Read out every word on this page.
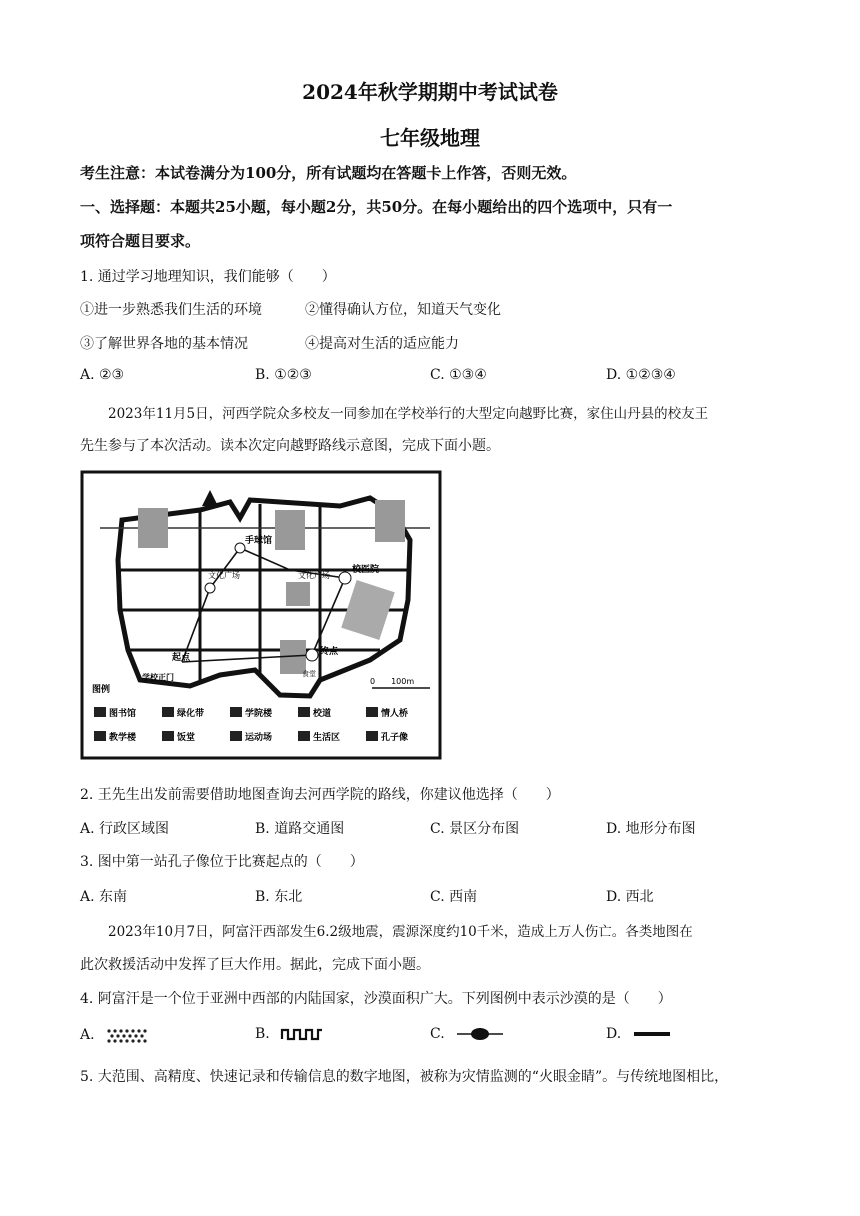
2024年秋学期期中考试试卷
七年级地理
考生注意：本试卷满分为100分，所有试题均在答题卡上作答，否则无效。
一、选择题：本题共25小题，每小题2分，共50分。在每小题给出的四个选项中，只有一
项符合题目要求。
1. 通过学习地理知识，我们能够（　　）
①进一步熟悉我们生活的环境	②懂得确认方位，知道天气变化
③了解世界各地的基本情况	④提高对生活的适应能力
A. ②③	B. ①②③	C. ①③④	D. ①②③④
2023年11月5日，河西学院众多校友一同参加在学校举行的大型定向越野比赛，家住山丹县的校友王
先生参与了本次活动。读本次定向越野路线示意图，完成下面小题。
手球馆
文化广场	文化广场
校医院
起点
学校正门
终点
食堂
0　　100m
图例
图书馆	绿化带	学院楼	校道	情人桥
教学楼	饭堂	运动场	生活区	孔子像
2. 王先生出发前需要借助地图查询去河西学院的路线，你建议他选择（　　）
A. 行政区域图	B. 道路交通图	C. 景区分布图	D. 地形分布图
3. 图中第一站孔子像位于比赛起点的（　　）
A. 东南	B. 东北	C. 西南	D. 西北
2023年10月7日，阿富汗西部发生6.2级地震，震源深度约10千米，造成上万人伤亡。各类地图在
此次救援活动中发挥了巨大作用。据此，完成下面小题。
4. 阿富汗是一个位于亚洲中西部的内陆国家，沙漠面积广大。下列图例中表示沙漠的是（　　）
A.	B.	C.	D.
5. 大范围、高精度、快速记录和传输信息的数字地图，被称为灾情监测的“火眼金睛”。与传统地图相比，
